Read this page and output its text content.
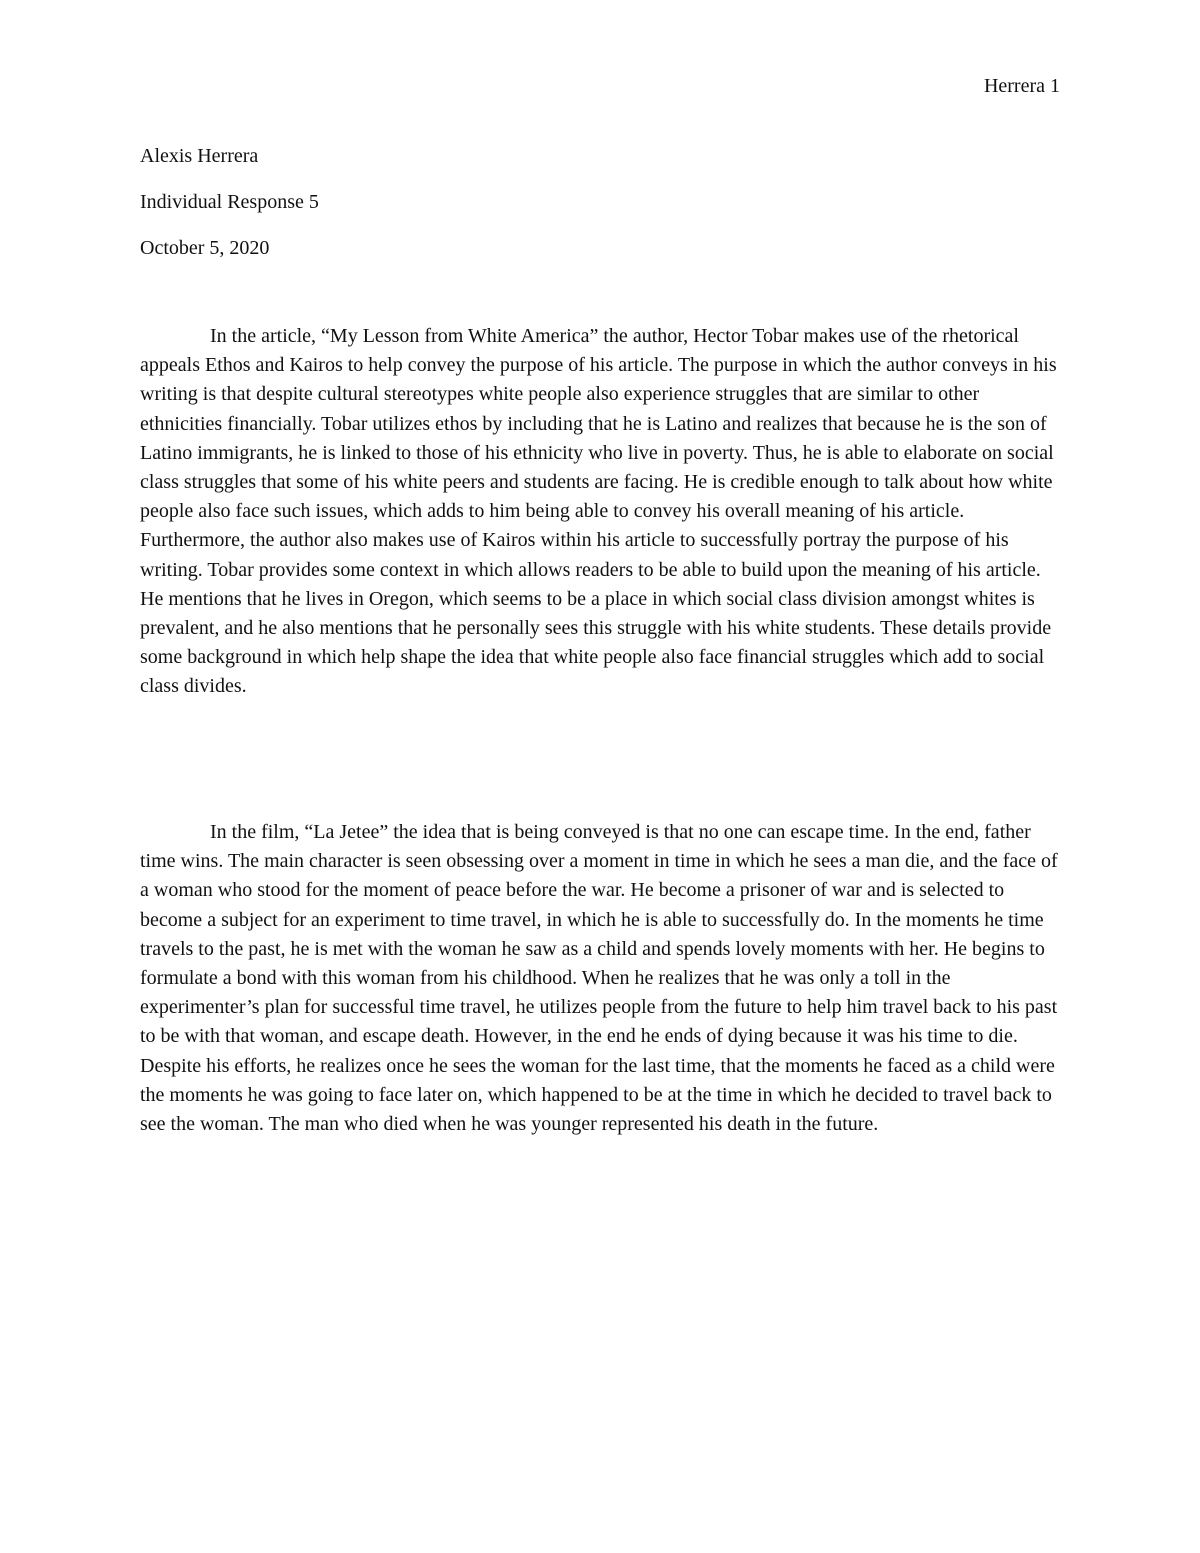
Herrera 1
Alexis Herrera
Individual Response 5
October 5, 2020

In the article, “My Lesson from White America” the author, Hector Tobar makes use of the rhetorical appeals Ethos and Kairos to help convey the purpose of his article. The purpose in which the author conveys in his writing is that despite cultural stereotypes white people also experience struggles that are similar to other ethnicities financially. Tobar utilizes ethos by including that he is Latino and realizes that because he is the son of Latino immigrants, he is linked to those of his ethnicity who live in poverty. Thus, he is able to elaborate on social class struggles that some of his white peers and students are facing. He is credible enough to talk about how white people also face such issues, which adds to him being able to convey his overall meaning of his article. Furthermore, the author also makes use of Kairos within his article to successfully portray the purpose of his writing. Tobar provides some context in which allows readers to be able to build upon the meaning of his article. He mentions that he lives in Oregon, which seems to be a place in which social class division amongst whites is prevalent, and he also mentions that he personally sees this struggle with his white students. These details provide some background in which help shape the idea that white people also face financial struggles which add to social class divides.

In the film, “La Jetee” the idea that is being conveyed is that no one can escape time. In the end, father time wins. The main character is seen obsessing over a moment in time in which he sees a man die, and the face of a woman who stood for the moment of peace before the war. He become a prisoner of war and is selected to become a subject for an experiment to time travel, in which he is able to successfully do. In the moments he time travels to the past, he is met with the woman he saw as a child and spends lovely moments with her. He begins to formulate a bond with this woman from his childhood. When he realizes that he was only a toll in the experimenter’s plan for successful time travel, he utilizes people from the future to help him travel back to his past to be with that woman, and escape death. However, in the end he ends of dying because it was his time to die. Despite his efforts, he realizes once he sees the woman for the last time, that the moments he faced as a child were the moments he was going to face later on, which happened to be at the time in which he decided to travel back to see the woman. The man who died when he was younger represented his death in the future.
